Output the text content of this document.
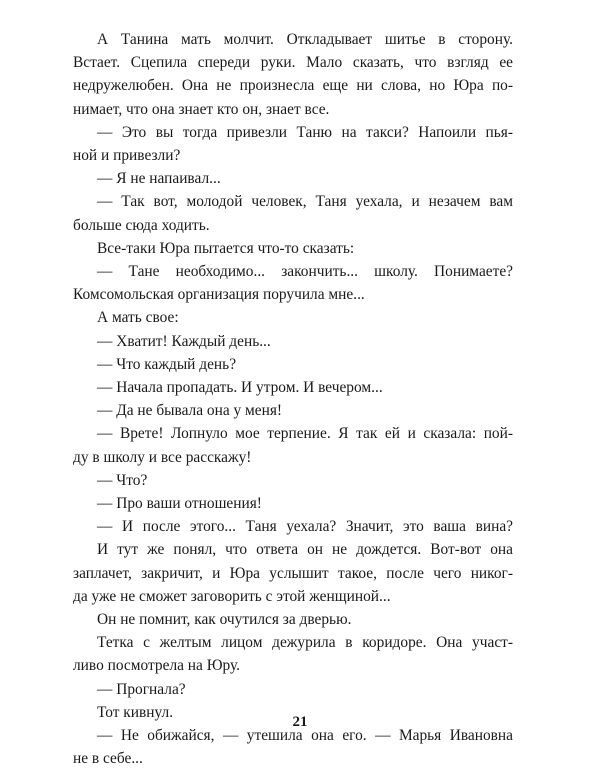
А Танина мать молчит. Откладывает шитье в сторону.
Встает. Сцепила спереди руки. Мало сказать, что взгляд ее
недружелюбен. Она не произнесла еще ни слова, но Юра по-
нимает, что она знает кто он, знает все.
— Это вы тогда привезли Таню на такси? Напоили пья-
ной и привезли?
— Я не напаивал...
— Так вот, молодой человек, Таня уехала, и незачем вам
больше сюда ходить.
Все-таки Юра пытается что-то сказать:
— Тане необходимо... закончить... школу. Понимаете?
Комсомольская организация поручила мне...
А мать свое:
— Хватит! Каждый день...
— Что каждый день?
— Начала пропадать. И утром. И вечером...
— Да не бывала она у меня!
— Врете! Лопнуло мое терпение. Я так ей и сказала: пой-
ду в школу и все расскажу!
— Что?
— Про ваши отношения!
— И после этого... Таня уехала? Значит, это ваша вина?
И тут же понял, что ответа он не дождется. Вот-вот она
заплачет, закричит, и Юра услышит такое, после чего никог-
да уже не сможет заговорить с этой женщиной...
Он не помнит, как очутился за дверью.
Тетка с желтым лицом дежурила в коридоре. Она участ-
ливо посмотрела на Юру.
— Прогнала?
Тот кивнул.
— Не обижайся, — утешила она его. — Марья Ивановна
не в себе...
21
